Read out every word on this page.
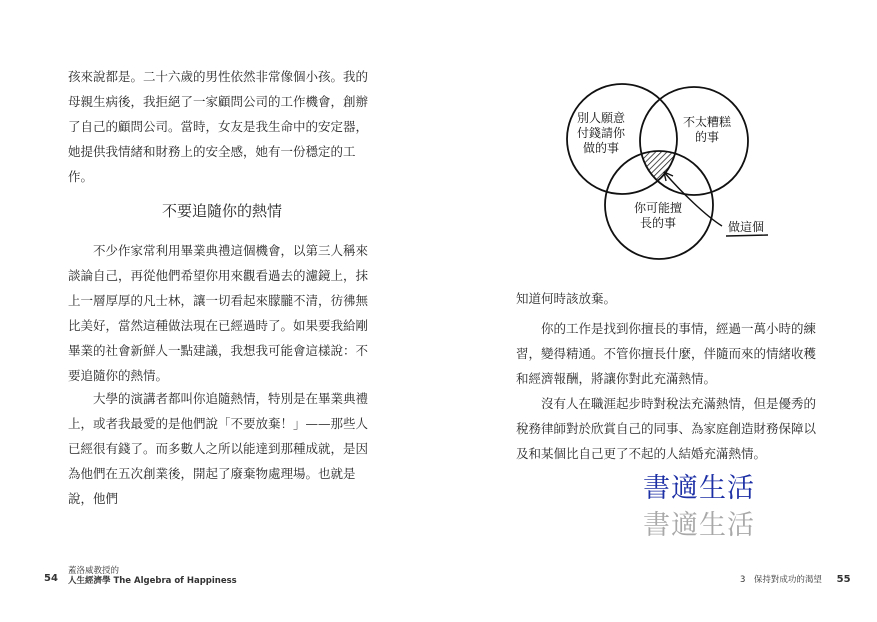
孩來說都是。二十六歲的男性依然非常像個小孩。我的母親生病後，我拒絕了一家顧問公司的工作機會，創辦了自己的顧問公司。當時，女友是我生命中的安定器，她提供我情緒和財務上的安全感，她有一份穩定的工作。

不要追隨你的熱情

不少作家常利用畢業典禮這個機會，以第三人稱來談論自己，再從他們希望你用來觀看過去的濾鏡上，抹上一層厚厚的凡士林，讓一切看起來朦朧不清，彷彿無比美好，當然這種做法現在已經過時了。如果要我給剛畢業的社會新鮮人一點建議，我想我可能會這樣說：不要追隨你的熱情。

大學的演講者都叫你追隨熱情，特別是在畢業典禮上，或者我最愛的是他們說「不要放棄！」——那些人已經很有錢了。而多數人之所以能達到那種成就，是因為他們在五次創業後，開起了廢棄物處理場。也就是說，他們

54
蓋洛威教授的
人生經濟學 The Algebra of Happiness

知道何時該放棄。

你的工作是找到你擅長的事情，經過一萬小時的練習，變得精通。不管你擅長什麼，伴隨而來的情緒收穫和經濟報酬，將讓你對此充滿熱情。

沒有人在職涯起步時對稅法充滿熱情，但是優秀的稅務律師對於欣賞自己的同事、為家庭創造財務保障以及和某個比自己更了不起的人結婚充滿熱情。

3　保持對成功的渴望 55
別人願意
付錢請你
做的事
不太糟糕
的事
你可能擅
長的事	做這個
書適生活
書適生活
